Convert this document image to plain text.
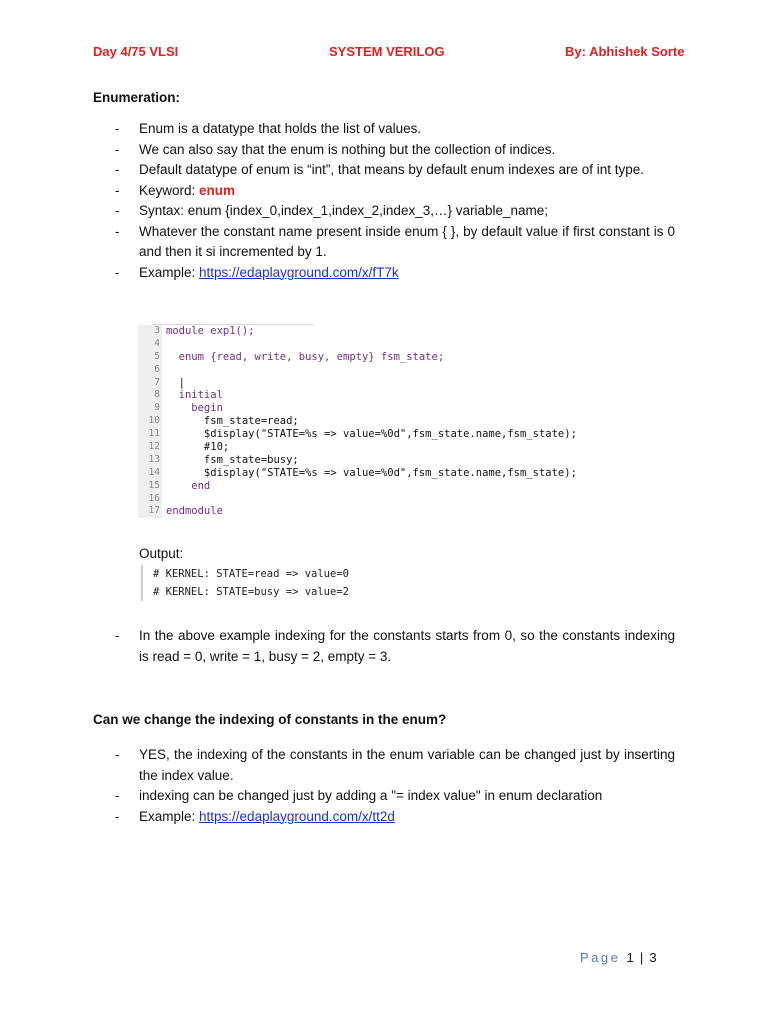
Day 4/75 VLSI	SYSTEM VERILOG	By: Abhishek Sorte
Enumeration:
- Enum is a datatype that holds the list of values.
- We can also say that the enum is nothing but the collection of indices.
- Default datatype of enum is “int”, that means by default enum indexes are of int type.
- Keyword: enum
- Syntax: enum {index_0,index_1,index_2,index_3,…} variable_name;
- Whatever the constant name present inside enum { }, by default value if first constant is 0 and then it si incremented by 1.
- Example: https://edaplayground.com/x/fT7k
3 module exp1();
4
5 enum {read, write, busy, empty} fsm_state;
6
7 |
8 initial
9 begin
10 fsm_state=read;
11 $display("STATE=%s => value=%0d",fsm_state.name,fsm_state);
12 #10;
13 fsm_state=busy;
14 $display("STATE=%s => value=%0d",fsm_state.name,fsm_state);
15 end
16
17 endmodule
Output:
# KERNEL: STATE=read => value=0
# KERNEL: STATE=busy => value=2
- In the above example indexing for the constants starts from 0, so the constants indexing is read = 0, write = 1, busy = 2, empty = 3.
Can we change the indexing of constants in the enum?
- YES, the indexing of the constants in the enum variable can be changed just by inserting the index value.
- indexing can be changed just by adding a "= index value" in enum declaration
- Example: https://edaplayground.com/x/tt2d
Page 1 | 3
